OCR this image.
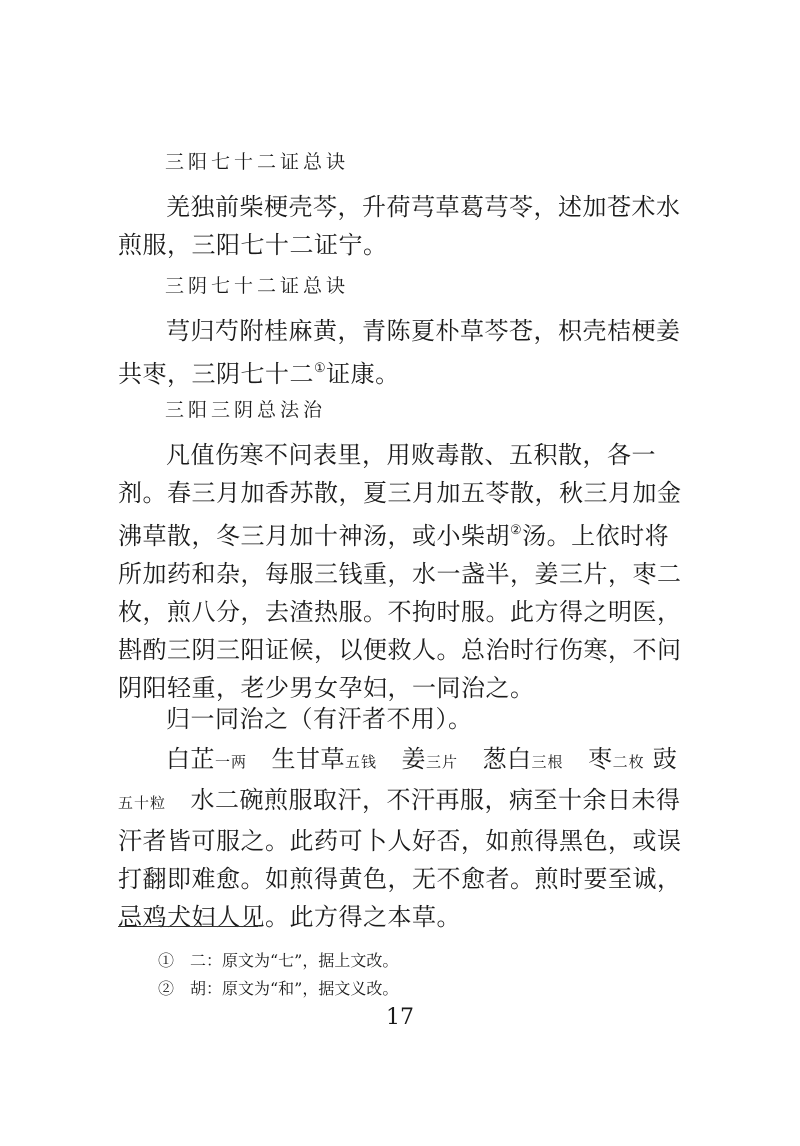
三阳七十二证总诀
羌独前柴梗壳芩，升荷芎草葛芎苓，述加苍术水煎服，三阳七十二证宁。
三阴七十二证总诀
芎归芍附桂麻黄，青陈夏朴草芩苍，枳壳桔梗姜共枣，三阴七十二①证康。
三阳三阴总法治
凡值伤寒不问表里，用败毒散、五积散，各一剂。春三月加香苏散，夏三月加五苓散，秋三月加金沸草散，冬三月加十神汤，或小柴胡②汤。上依时将所加药和杂，每服三钱重，水一盏半，姜三片，枣二枚，煎八分，去渣热服。不拘时服。此方得之明医，斟酌三阴三阳证候，以便救人。总治时行伤寒，不问阴阳轻重，老少男女孕妇，一同治之。
归一同治之（有汗者不用）。
白芷一两　 生甘草五钱　 姜三片　 葱白三根　 枣二枚 豉五十粒　 水二碗煎服取汗，不汗再服，病至十余日未得汗者皆可服之。此药可卜人好否，如煎得黑色，或误打翻即难愈。如煎得黄色，无不愈者。煎时要至诚，忌鸡犬妇人见。此方得之本草。
①　二：原文为“七”，据上文改。
②　胡：原文为“和”，据文义改。
17
